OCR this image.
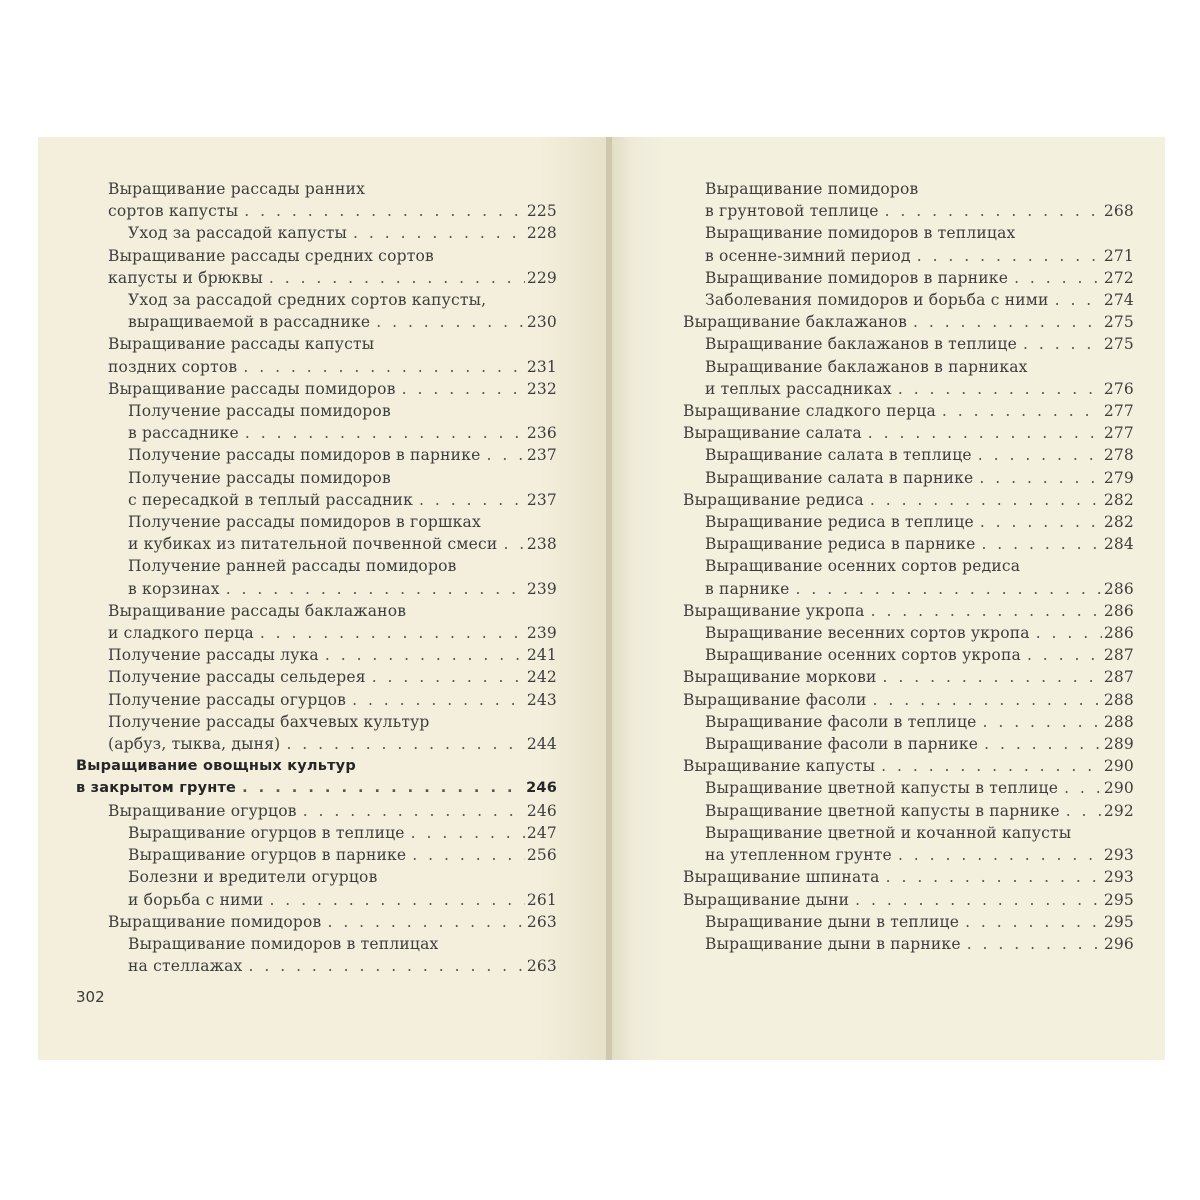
Выращивание рассады ранних
сортов капусты . . .	225
Уход за рассадой капусты . . .	228
Выращивание рассады средних сортов
капусты и брюквы . . .	229
Уход за рассадой средних сортов капусты,
выращиваемой в рассаднике . . .	230
Выращивание рассады капусты
поздних сортов . . .	231
Выращивание рассады помидоров . . .	232
Получение рассады помидоров
в рассаднике . . .	236
Получение рассады помидоров в парнике . . .	237
Получение рассады помидоров
с пересадкой в теплый рассадник . . .	237
Получение рассады помидоров в горшках
и кубиках из питательной почвенной смеси . . . 238
Получение ранней рассады помидоров
в корзинах . . .	239
Выращивание рассады баклажанов
и сладкого перца . . .	239
Получение рассады лука . . .	241
Получение рассады сельдерея . . .	242
Получение рассады огурцов . . .	243
Получение рассады бахчевых культур
(арбуз, тыква, дыня) . . .	244
Выращивание овощных культур
в закрытом грунте . . .	246
Выращивание огурцов . . .	246
Выращивание огурцов в теплице . . .	247
Выращивание огурцов в парнике . . .	256
Болезни и вредители огурцов
и борьба с ними . . .	261
Выращивание помидоров . . .	263
Выращивание помидоров в теплицах
на стеллажах . . .	263
Выращивание помидоров
в грунтовой теплице . . .	268
Выращивание помидоров в теплицах
в осенне-зимний период . . .	271
Выращивание помидоров в парнике . . .	272
Заболевания помидоров и борьба с ними . . .	274
Выращивание баклажанов . . .	275
Выращивание баклажанов в теплице . . .	275
Выращивание баклажанов в парниках
и теплых рассадниках . . .	276
Выращивание сладкого перца . . .	277
Выращивание салата . . .	277
Выращивание салата в теплице . . .	278
Выращивание салата в парнике . . .	279
Выращивание редиса . . .	282
Выращивание редиса в теплице . . .	282
Выращивание редиса в парнике . . .	284
Выращивание осенних сортов редиса
в парнике . . .	286
Выращивание укропа . . .	286
Выращивание весенних сортов укропа . . .	286
Выращивание осенних сортов укропа . . .	287
Выращивание моркови . . .	287
Выращивание фасоли . . .	288
Выращивание фасоли в теплице . . .	288
Выращивание фасоли в парнике . . .	289
Выращивание капусты . . .	290
Выращивание цветной капусты в теплице . . .	290
Выращивание цветной капусты в парнике . . .	292
Выращивание цветной и кочанной капусты
на утепленном грунте . . .	293
Выращивание шпината . . .	293
Выращивание дыни . . .	295
Выращивание дыни в теплице . . .	295
Выращивание дыни в парнике . . .	296
302
